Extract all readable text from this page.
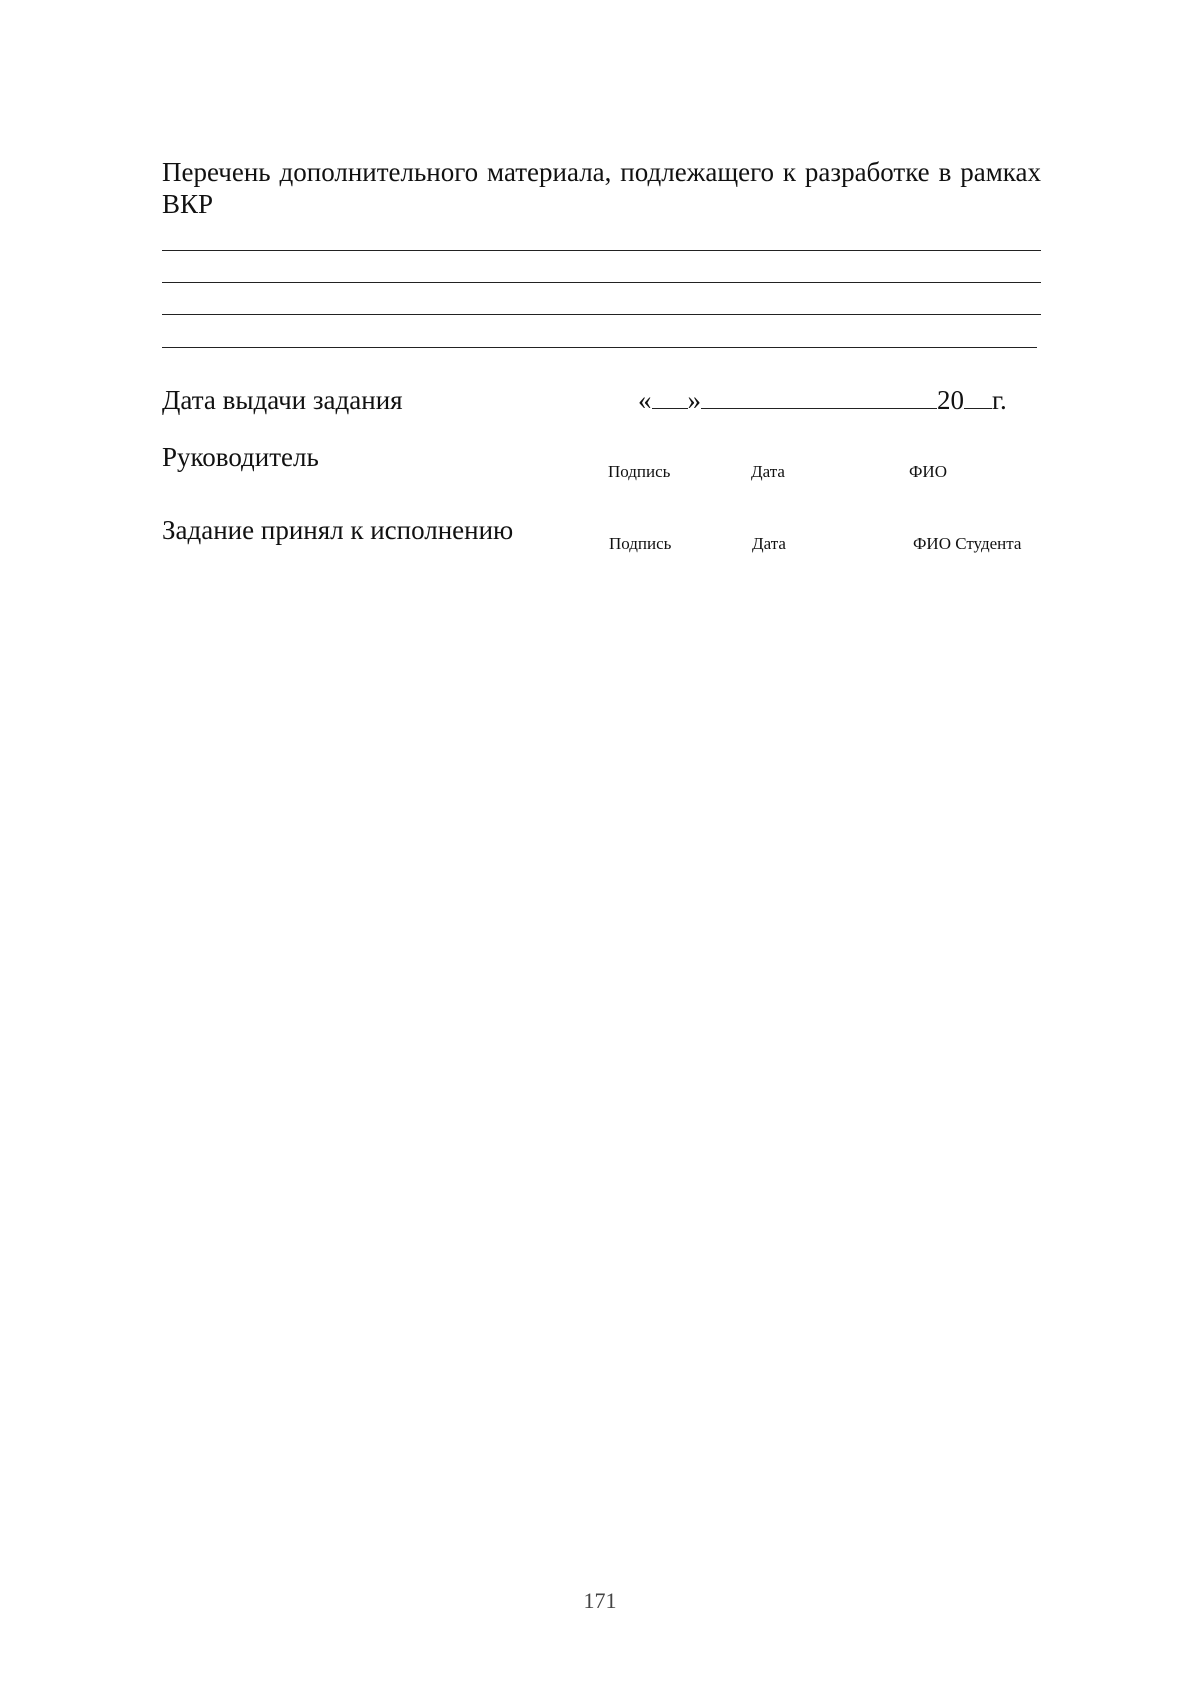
Перечень дополнительного материала, подлежащего к разработке в рамках ВКР
Дата выдачи задания	« »	20 г.
Руководитель	Подпись	Дата	ФИО
Задание принял к исполнению	Подпись	Дата	ФИО Студента
171
